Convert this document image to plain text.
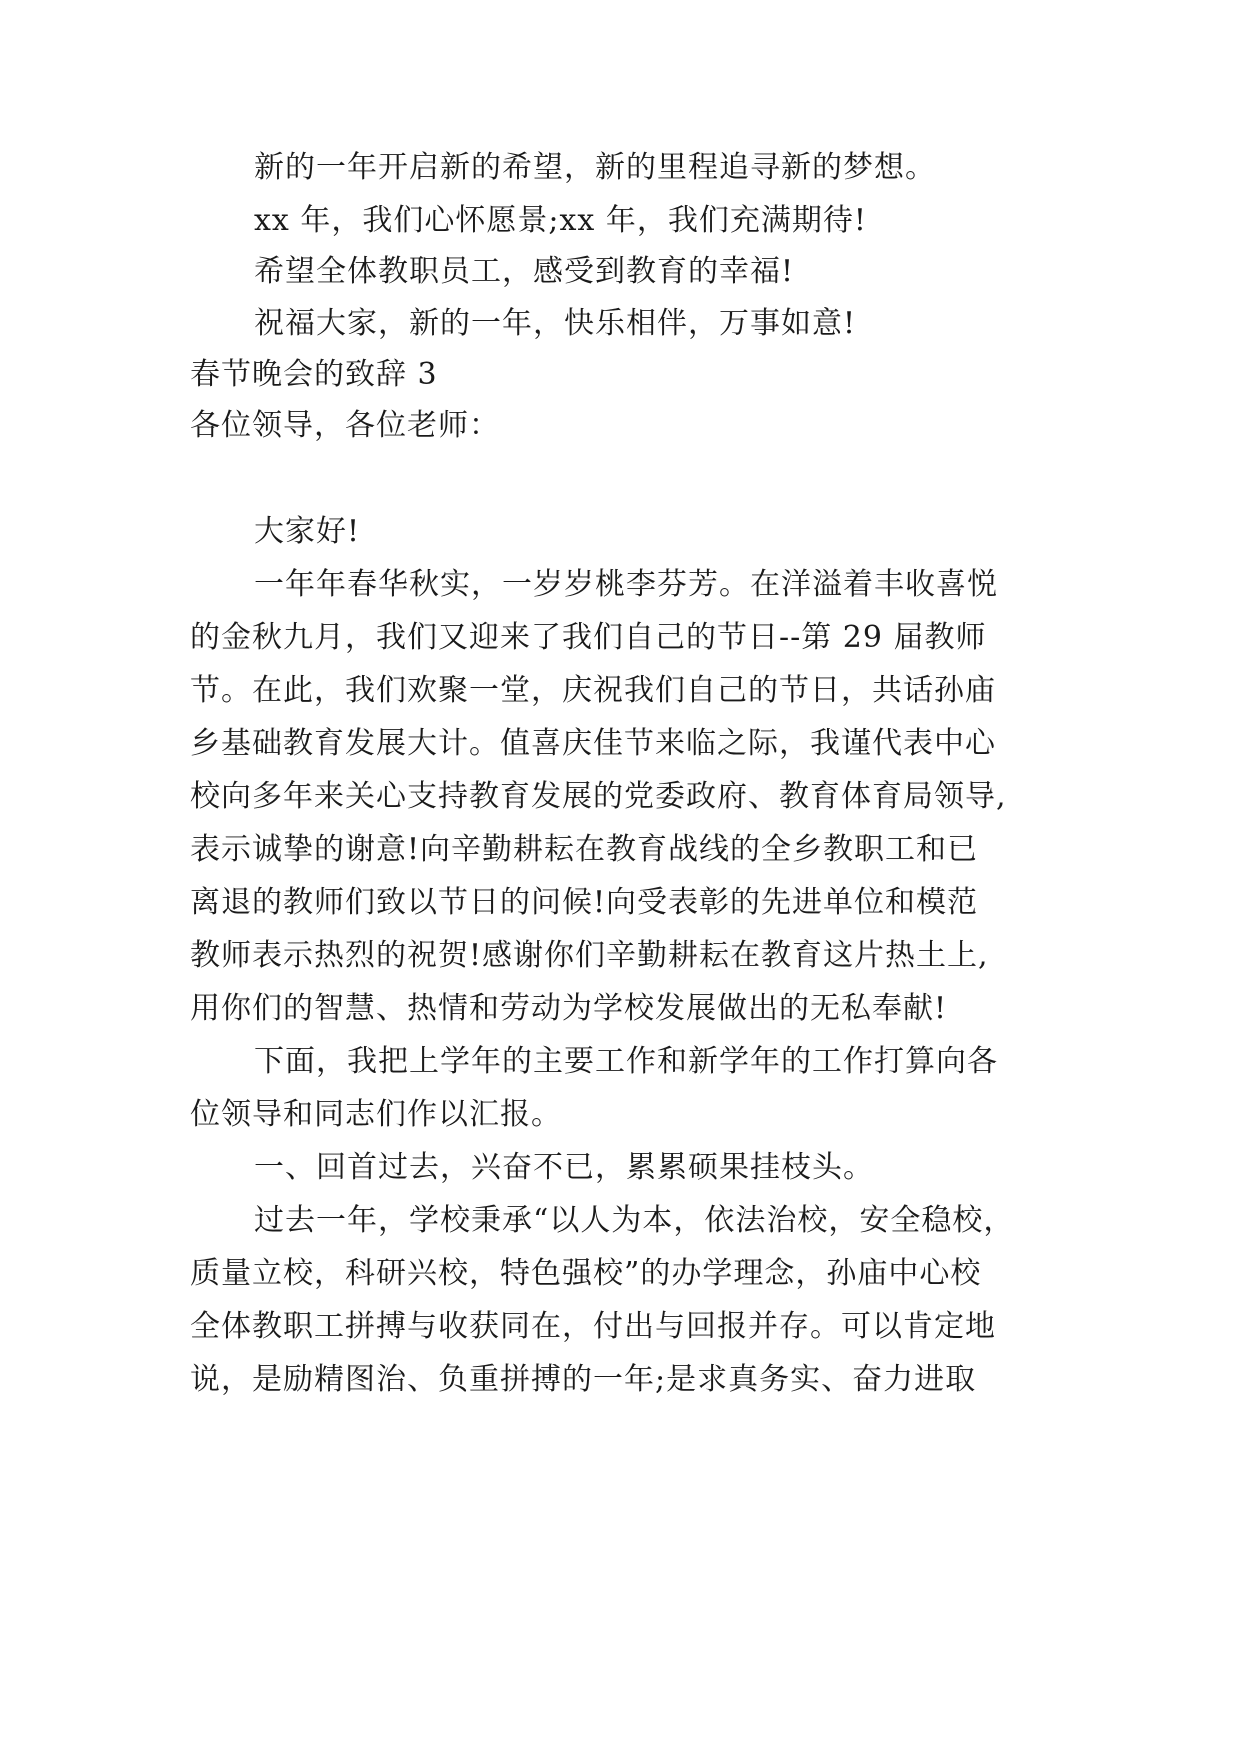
新的一年开启新的希望，新的里程追寻新的梦想。
xx 年，我们心怀愿景;xx 年，我们充满期待!
希望全体教职员工，感受到教育的幸福!
祝福大家，新的一年，快乐相伴，万事如意!
春节晚会的致辞 3
各位领导，各位老师：
大家好!
一年年春华秋实，一岁岁桃李芬芳。在洋溢着丰收喜悦
的金秋九月，我们又迎来了我们自己的节日--第 29 届教师
节。在此，我们欢聚一堂，庆祝我们自己的节日，共话孙庙
乡基础教育发展大计。值喜庆佳节来临之际，我谨代表中心
校向多年来关心支持教育发展的党委政府、教育体育局领导,
表示诚挚的谢意!向辛勤耕耘在教育战线的全乡教职工和已
离退的教师们致以节日的问候!向受表彰的先进单位和模范
教师表示热烈的祝贺!感谢你们辛勤耕耘在教育这片热土上,
用你们的智慧、热情和劳动为学校发展做出的无私奉献!
下面，我把上学年的主要工作和新学年的工作打算向各
位领导和同志们作以汇报。
一、回首过去，兴奋不已，累累硕果挂枝头。
过去一年，学校秉承“以人为本，依法治校，安全稳校，
质量立校，科研兴校，特色强校”的办学理念，孙庙中心校
全体教职工拼搏与收获同在，付出与回报并存。可以肯定地
说，是励精图治、负重拼搏的一年;是求真务实、奋力进取
